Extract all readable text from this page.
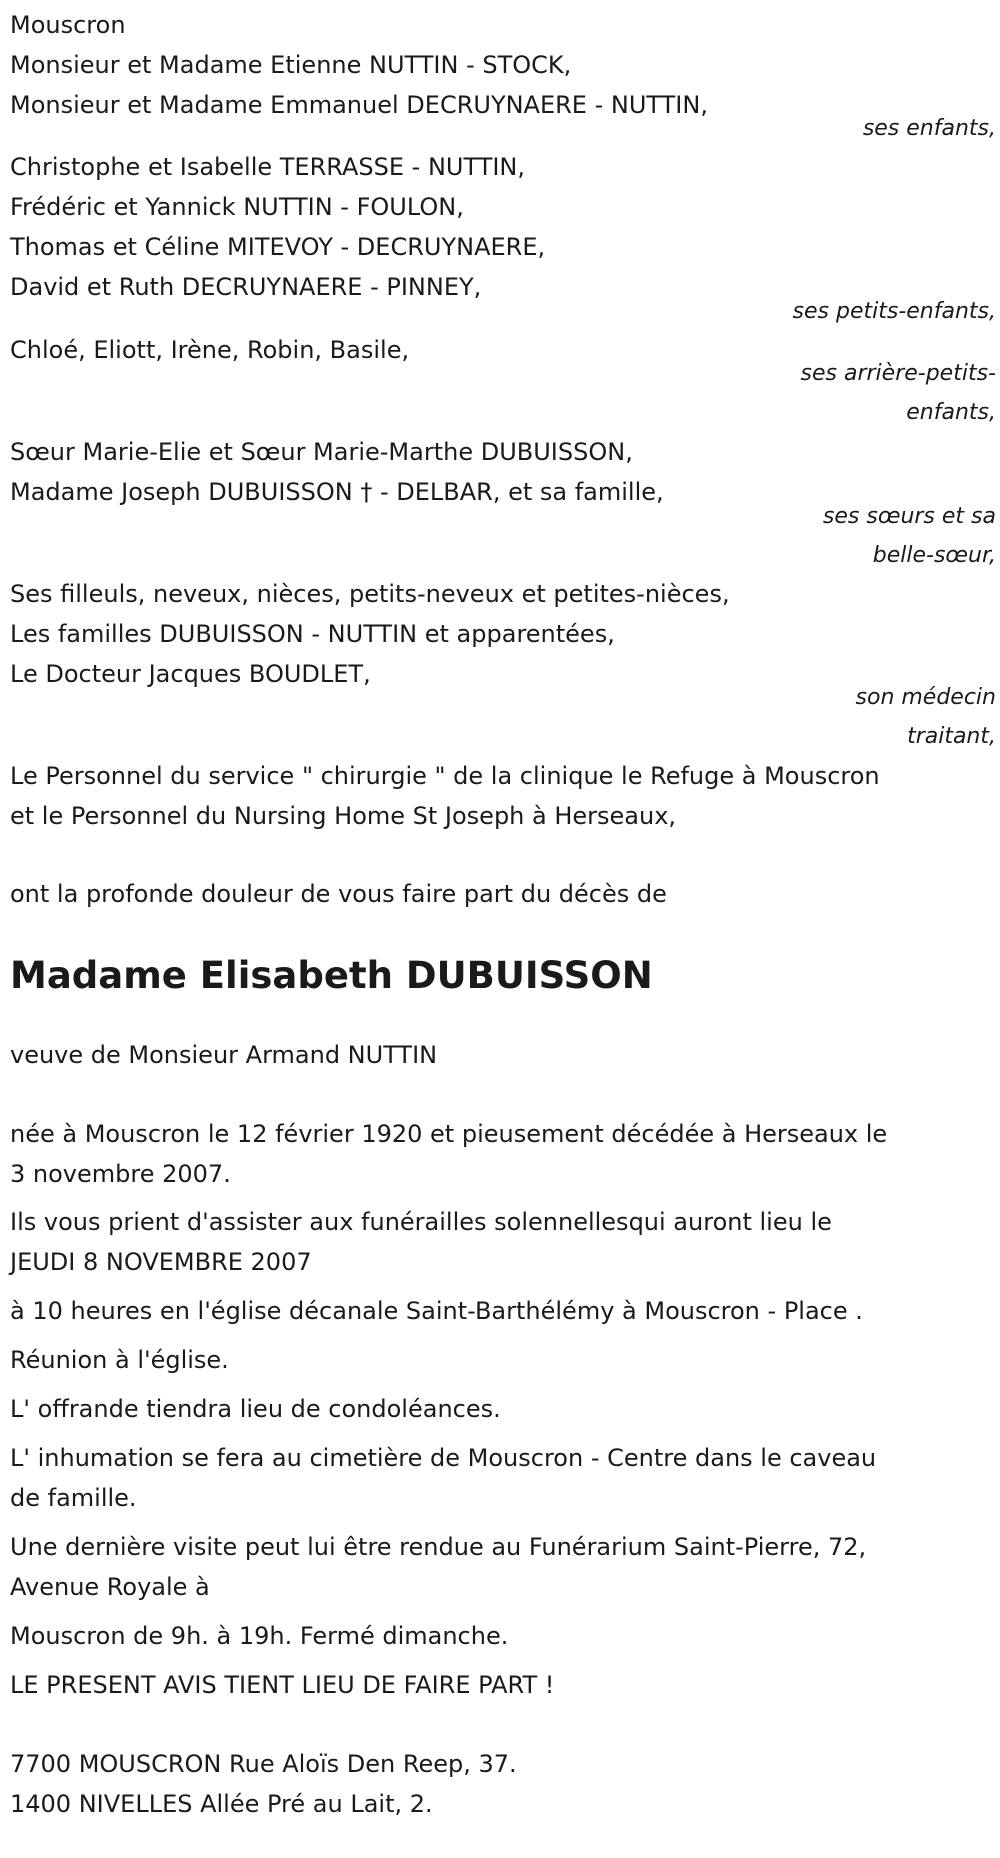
Mouscron
Monsieur et Madame Etienne NUTTIN - STOCK,
Monsieur et Madame Emmanuel DECRUYNAERE - NUTTIN,
ses enfants,
Christophe et Isabelle TERRASSE - NUTTIN,
Frédéric et Yannick NUTTIN - FOULON,
Thomas et Céline MITEVOY - DECRUYNAERE,
David et Ruth DECRUYNAERE - PINNEY,
ses petits-enfants,
Chloé, Eliott, Irène, Robin, Basile,
ses arrière-petits-
enfants,
Sœur Marie-Elie et Sœur Marie-Marthe DUBUISSON,
Madame Joseph DUBUISSON † - DELBAR, et sa famille,
ses sœurs et sa
belle-sœur,
Ses filleuls, neveux, nièces, petits-neveux et petites-nièces,
Les familles DUBUISSON - NUTTIN et apparentées,
Le Docteur Jacques BOUDLET,
son médecin
traitant,
Le Personnel du service " chirurgie " de la clinique le Refuge à Mouscron
et le Personnel du Nursing Home St Joseph à Herseaux,
ont la profonde douleur de vous faire part du décès de
Madame Elisabeth DUBUISSON
veuve de Monsieur Armand NUTTIN
née à Mouscron le 12 février 1920 et pieusement décédée à Herseaux le
3 novembre 2007.
Ils vous prient d'assister aux funérailles solennellesqui auront lieu le
JEUDI 8 NOVEMBRE 2007
à 10 heures en l'église décanale Saint-Barthélémy à Mouscron - Place .
Réunion à l'église.
L' offrande tiendra lieu de condoléances.
L' inhumation se fera au cimetière de Mouscron - Centre dans le caveau
de famille.
Une dernière visite peut lui être rendue au Funérarium Saint-Pierre, 72,
Avenue Royale à
Mouscron de 9h. à 19h. Fermé dimanche.
LE PRESENT AVIS TIENT LIEU DE FAIRE PART !
7700 MOUSCRON Rue Aloïs Den Reep, 37.
1400 NIVELLES Allée Pré au Lait, 2.
